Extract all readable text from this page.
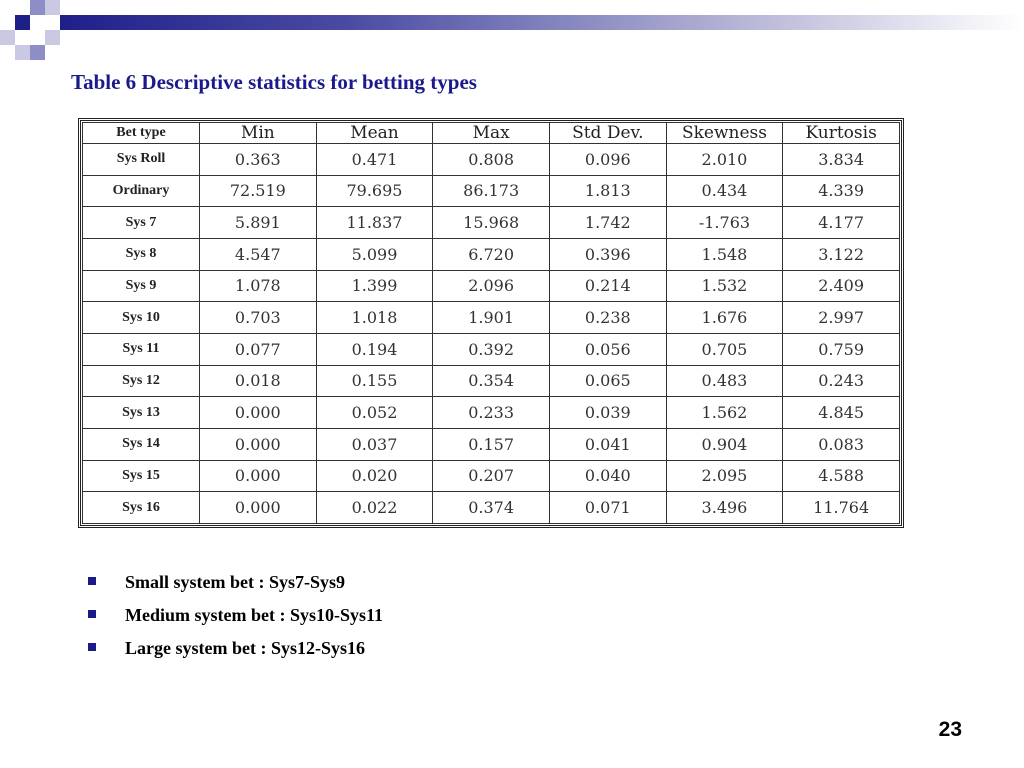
Table 6 Descriptive statistics for betting types
Bet type	Min	Mean	Max	Std Dev.	Skewness	Kurtosis
Sys Roll	0.363	0.471	0.808	0.096	2.010	3.834
Ordinary	72.519	79.695	86.173	1.813	0.434	4.339
Sys 7	5.891	11.837	15.968	1.742	-1.763	4.177
Sys 8	4.547	5.099	6.720	0.396	1.548	3.122
Sys 9	1.078	1.399	2.096	0.214	1.532	2.409
Sys 10	0.703	1.018	1.901	0.238	1.676	2.997
Sys 11	0.077	0.194	0.392	0.056	0.705	0.759
Sys 12	0.018	0.155	0.354	0.065	0.483	0.243
Sys 13	0.000	0.052	0.233	0.039	1.562	4.845
Sys 14	0.000	0.037	0.157	0.041	0.904	0.083
Sys 15	0.000	0.020	0.207	0.040	2.095	4.588
Sys 16	0.000	0.022	0.374	0.071	3.496	11.764
Small system bet : Sys7-Sys9
Medium system bet : Sys10-Sys11
Large system bet : Sys12-Sys16
23
